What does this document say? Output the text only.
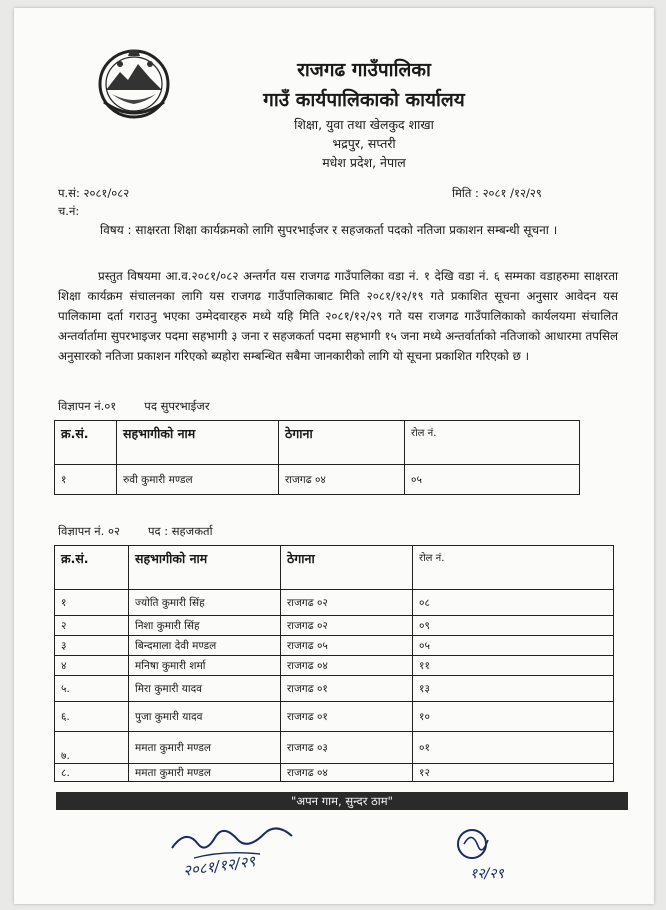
राजगढ गाउँपालिका
गाउँ कार्यपालिकाको कार्यालय
शिक्षा, युवा तथा खेलकुद शाखा
भद्रपुर, सप्तरी
मधेश प्रदेश, नेपाल
प.सं: २०८१/०८२
च.नं:
मिति : २०८१ /१२/२९
विषय : साक्षरता शिक्षा कार्यक्रमको लागि सुपरभाईजर र सहजकर्ता पदको नतिजा प्रकाशन सम्बन्धी सूचना ।
प्रस्तुत विषयमा आ.व.२०८१/०८२ अन्तर्गत यस राजगढ गाउँपालिका वडा नं. १ देखि वडा नं. ६ सम्मका वडाहरुमा साक्षरता शिक्षा कार्यक्रम संचालनका लागि यस राजगढ गाउँपालिकाबाट मिति २०८१/१२/१९ गते प्रकाशित सूचना अनुसार आवेदन यस पालिकामा दर्ता गराउनु भएका उम्मेदवारहरु मध्ये यहि मिति २०८१/१२/२९ गते यस राजगढ गाउँपालिकाको कार्यलयमा संचालित अन्तर्वार्तामा सुपरभाइजर पदमा सहभागी ३ जना र सहजकर्ता पदमा सहभागी १५ जना मध्ये अन्तर्वार्ताको नतिजाको आधारमा तपसिल अनुसारको नतिजा प्रकाशन गरिएको ब्यहोरा सम्बन्धित सबैमा जानकारीको लागि यो सूचना प्रकाशित गरिएको छ ।
विज्ञापन नं.०१ पद सुपरभाईजर
क्र.सं.	सहभागीको नाम	ठेगाना	रोल नं.
१	रुवी कुमारी मण्डल	राजगढ ०४	०५
विज्ञापन नं. ०२ पद : सहजकर्ता
क्र.सं.	सहभागीको नाम	ठेगाना	रोल नं.
१	ज्योति कुमारी सिंह	राजगढ ०२	०८
२	निशा कुमारी सिंह	राजगढ ०२	०९
३	बिन्दमाला देवी मण्डल	राजगढ ०५	०५
४	मनिषा कुमारी शर्मा	राजगढ ०४	११
५.	मिरा कुमारी यादव	राजगढ ०१	१३
६.	पुजा कुमारी यादव	राजगढ ०१	१०
७.	ममता कुमारी मण्डल	राजगढ ०३	०१
८.	ममता कुमारी मण्डल	राजगढ ०४	१२
"अपन गाम, सुन्दर ठाम"
२०८१/१२/२९	१२/२९
